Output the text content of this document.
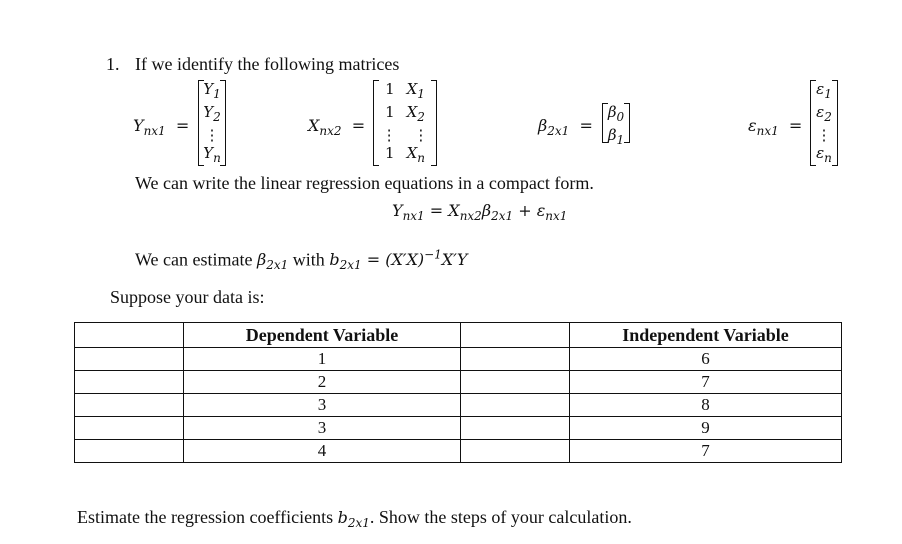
1. If we identify the following matrices
$Y_{nx1}$  =
$Y_1$
$Y_2$
⋮
$Y_n$
$X_{nx2}$  =
1 $X_1$
1 $X_2$
⋮ ⋮
1 $X_n$
$\beta_{2x1}$  =
$\beta_0$
$\beta_1$
$\varepsilon_{nx1}$  =
$\varepsilon_1$
$\varepsilon_2$
⋮
$\varepsilon_n$
We can write the linear regression equations in a compact form.
$Y_{nx1} = X_{nx2}\beta_{2x1} + \varepsilon_{nx1}$
We can estimate $\beta_{2x1}$ with $b_{2x1} = (X'X)^{-1}X'Y$
Suppose your data is:
	Dependent Variable		Independent Variable
	1		6
	2		7
	3		8
	3		9
	4		7
Estimate the regression coefficients $b_{2x1}$. Show the steps of your calculation.
